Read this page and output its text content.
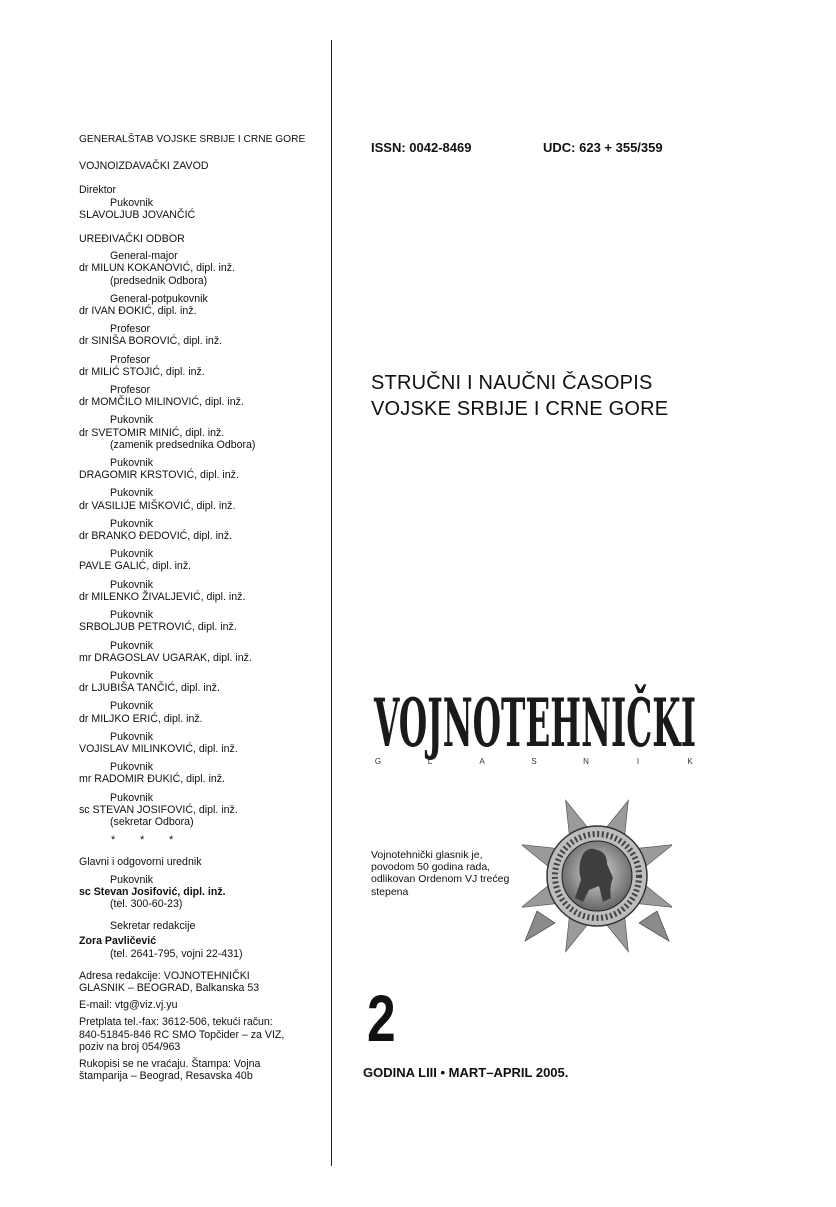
GENERALŠTAB VOJSKE SRBIJE I CRNE GORE

VOJNOIZDAVAČKI ZAVOD

Direktor

Pukovnik

SLAVOLJUB JOVANČIĆ

UREĐIVAČKI ODBOR

General-major

dr MILUN KOKANOVIĆ, dipl. inž.

(predsednik Odbora)

General-potpukovnik

dr IVAN ĐOKIĆ, dipl. inž.

Profesor

dr SINIŠA BOROVIĆ, dipl. inž.

Profesor

dr MILIĆ STOJIĆ, dipl. inž.

Profesor

dr MOMČILO MILINOVIĆ, dipl. inž.

Pukovnik

dr SVETOMIR MINIĆ, dipl. inž.

(zamenik predsednika Odbora)

Pukovnik

DRAGOMIR KRSTOVIĆ, dipl. inž.

Pukovnik

dr VASILIJE MIŠKOVIĆ, dipl. inž.

Pukovnik

dr BRANKO ĐEDOVIĆ, dipl. inž.

Pukovnik

PAVLE GALIĆ, dipl. inž.

Pukovnik

dr MILENKO ŽIVALJEVIĆ, dipl. inž.

Pukovnik

SRBOLJUB PETROVIĆ, dipl. inž.

Pukovnik

mr DRAGOSLAV UGARAK, dipl. inž.

Pukovnik

dr LJUBIŠA TANČIĆ, dipl. inž.

Pukovnik

dr MILJKO ERIĆ, dipl. inž.

Pukovnik

VOJISLAV MILINKOVIĆ, dipl. inž.

Pukovnik

mr RADOMIR ĐUKIĆ, dipl. inž.

Pukovnik

sc STEVAN JOSIFOVIĆ, dipl. inž.

(sekretar Odbora)

* * *

Glavni i odgovorni urednik

Pukovnik

sc Stevan Josifović, dipl. inž.

(tel. 300-60-23)

Sekretar redakcije

Zora Pavličević

(tel. 2641-795, vojni 22-431)

Adresa redakcije: VOJNOTEHNIČKI

GLASNIK – BEOGRAD, Balkanska 53

E-mail: vtg@viz.vj.yu

Pretplata tel.-fax: 3612-506, tekući račun:

840-51845-846 RC SMO Topčider – za VIZ,

poziv na broj 054/963

Rukopisi se ne vraćaju. Štampa: Vojna

štamparija – Beograd, Resavska 40b

ISSN: 0042-8469	UDC: 623 + 355/359
STRUČNI I NAUČNI ČASOPIS
VOJSKE SRBIJE I CRNE GORE
VOJNOTEHNIČKI
G	L	A	S	N	I	K
Vojnotehnički glasnik je, povodom 50 godina rada, odlikovan Ordenom VJ trećeg stepena
2
GODINA LIII • MART–APRIL 2005.
